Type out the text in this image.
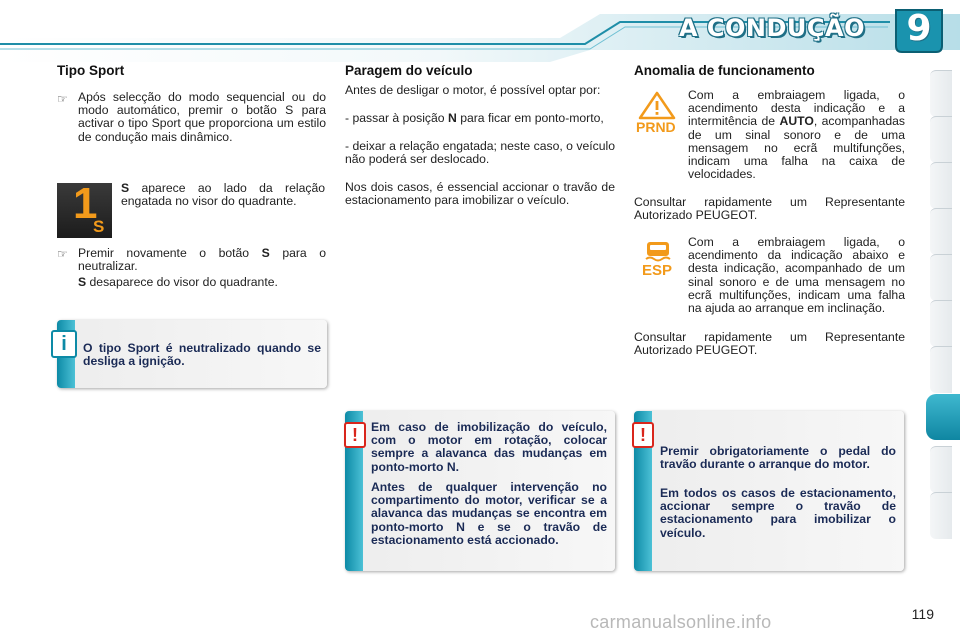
A CONDUÇÃO	9
Tipo Sport
☞ Após selecção do modo sequencial ou do modo automático, premir o botão S para activar o tipo Sport que proporciona um estilo de condução mais dinâmico.
1
S
S aparece ao lado da relação engatada no visor do quadrante.
☞ Premir novamente o botão S para o neutralizar.
S desaparece do visor do quadrante.
O tipo Sport é neutralizado quando se desliga a ignição.
i
Paragem do veículo
Antes de desligar o motor, é possível optar por:
- passar à posição N para ficar em ponto-morto,
- deixar a relação engatada; neste caso, o veículo não poderá ser deslocado.
Nos dois casos, é essencial accionar o travão de estacionamento para imobilizar o veículo.
Em caso de imobilização do veículo, com o motor em rotação, colocar sempre a alavanca das mudanças em ponto-morto N.
Antes de qualquer intervenção no compartimento do motor, verificar se a alavanca das mudanças se encontra em ponto-morto N e se o travão de estacionamento está accionado.
!
Anomalia de funcionamento
PRND
Com a embraiagem ligada, o acendimento desta indicação e a intermitência de AUTO, acompanhadas de um sinal sonoro e de uma mensagem no ecrã multifunções, indicam uma falha na caixa de velocidades.
Consultar rapidamente um Representante Autorizado PEUGEOT.
ESP
Com a embraiagem ligada, o acendimento da indicação abaixo e desta indicação, acompanhado de um sinal sonoro e de uma mensagem no ecrã multifunções, indicam uma falha na ajuda ao arranque em inclinação.
Consultar rapidamente um Representante Autorizado PEUGEOT.
Premir obrigatoriamente o pedal do travão durante o arranque do motor.
Em todos os casos de estacionamento, accionar sempre o travão de estacionamento para imobilizar o veículo.
!
carmanualsonline.info	119
